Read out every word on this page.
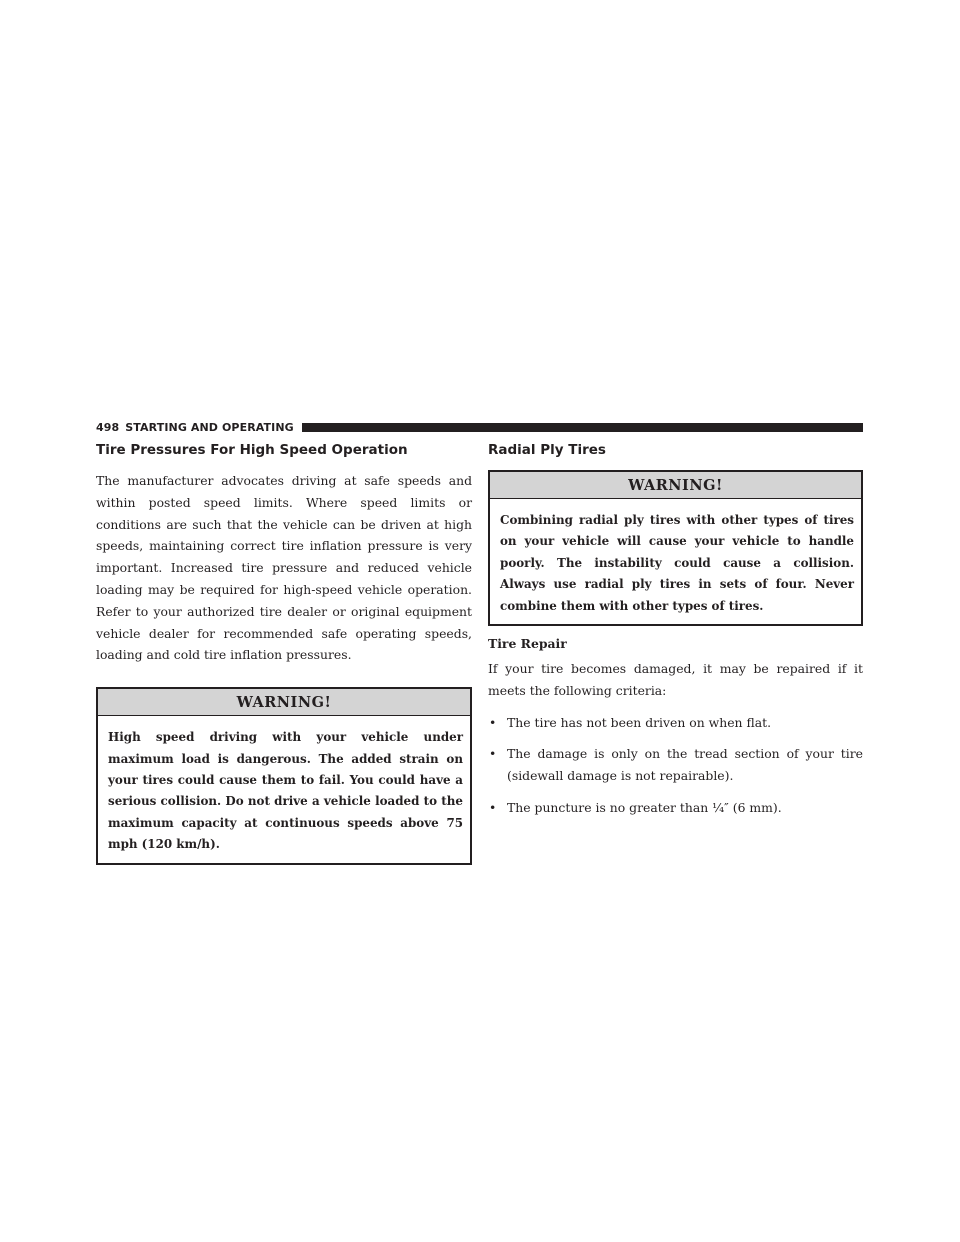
498 STARTING AND OPERATING
Tire Pressures For High Speed Operation

The manufacturer advocates driving at safe speeds and within posted speed limits. Where speed limits or conditions are such that the vehicle can be driven at high speeds, maintaining correct tire inflation pressure is very important. Increased tire pressure and reduced vehicle loading may be required for high-speed vehicle operation. Refer to your authorized tire dealer or original equipment vehicle dealer for recommended safe operating speeds, loading and cold tire inflation pressures.

WARNING!
High speed driving with your vehicle under maximum load is dangerous. The added strain on your tires could cause them to fail. You could have a serious collision. Do not drive a vehicle loaded to the maximum capacity at continuous speeds above 75 mph (120 km/h).
Radial Ply Tires
WARNING!
Combining radial ply tires with other types of tires on your vehicle will cause your vehicle to handle poorly. The instability could cause a collision. Always use radial ply tires in sets of four. Never combine them with other types of tires.
Tire Repair

If your tire becomes damaged, it may be repaired if it meets the following criteria:

• The tire has not been driven on when flat.
• The damage is only on the tread section of your tire (sidewall damage is not repairable).
• The puncture is no greater than ¼″ (6 mm).
